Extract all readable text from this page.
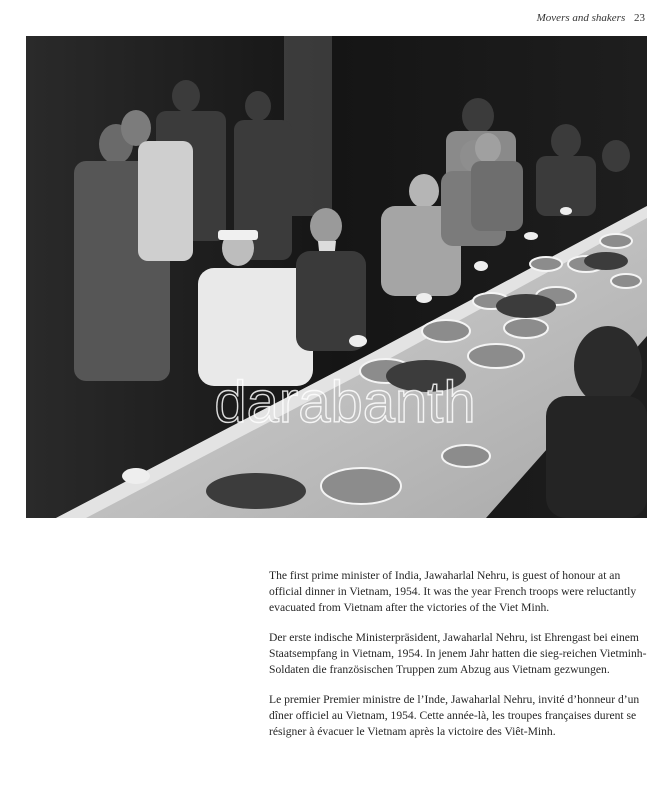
Movers and shakers 23
darabanth

The first prime minister of India, Jawaharlal Nehru, is guest of honour at an official dinner in Vietnam, 1954. It was the year French troops were reluctantly evacuated from Vietnam after the victories of the Viet Minh.

Der erste indische Ministerpräsident, Jawaharlal Nehru, ist Ehrengast bei einem Staatsempfang in Vietnam, 1954. In jenem Jahr hatten die sieg-reichen Vietminh-Soldaten die französischen Truppen zum Abzug aus Vietnam gezwungen.

Le premier Premier ministre de l’Inde, Jawaharlal Nehru, invité d’honneur d’un dîner officiel au Vietnam, 1954. Cette année-là, les troupes françaises durent se résigner à évacuer le Vietnam après la victoire des Viêt-Minh.
